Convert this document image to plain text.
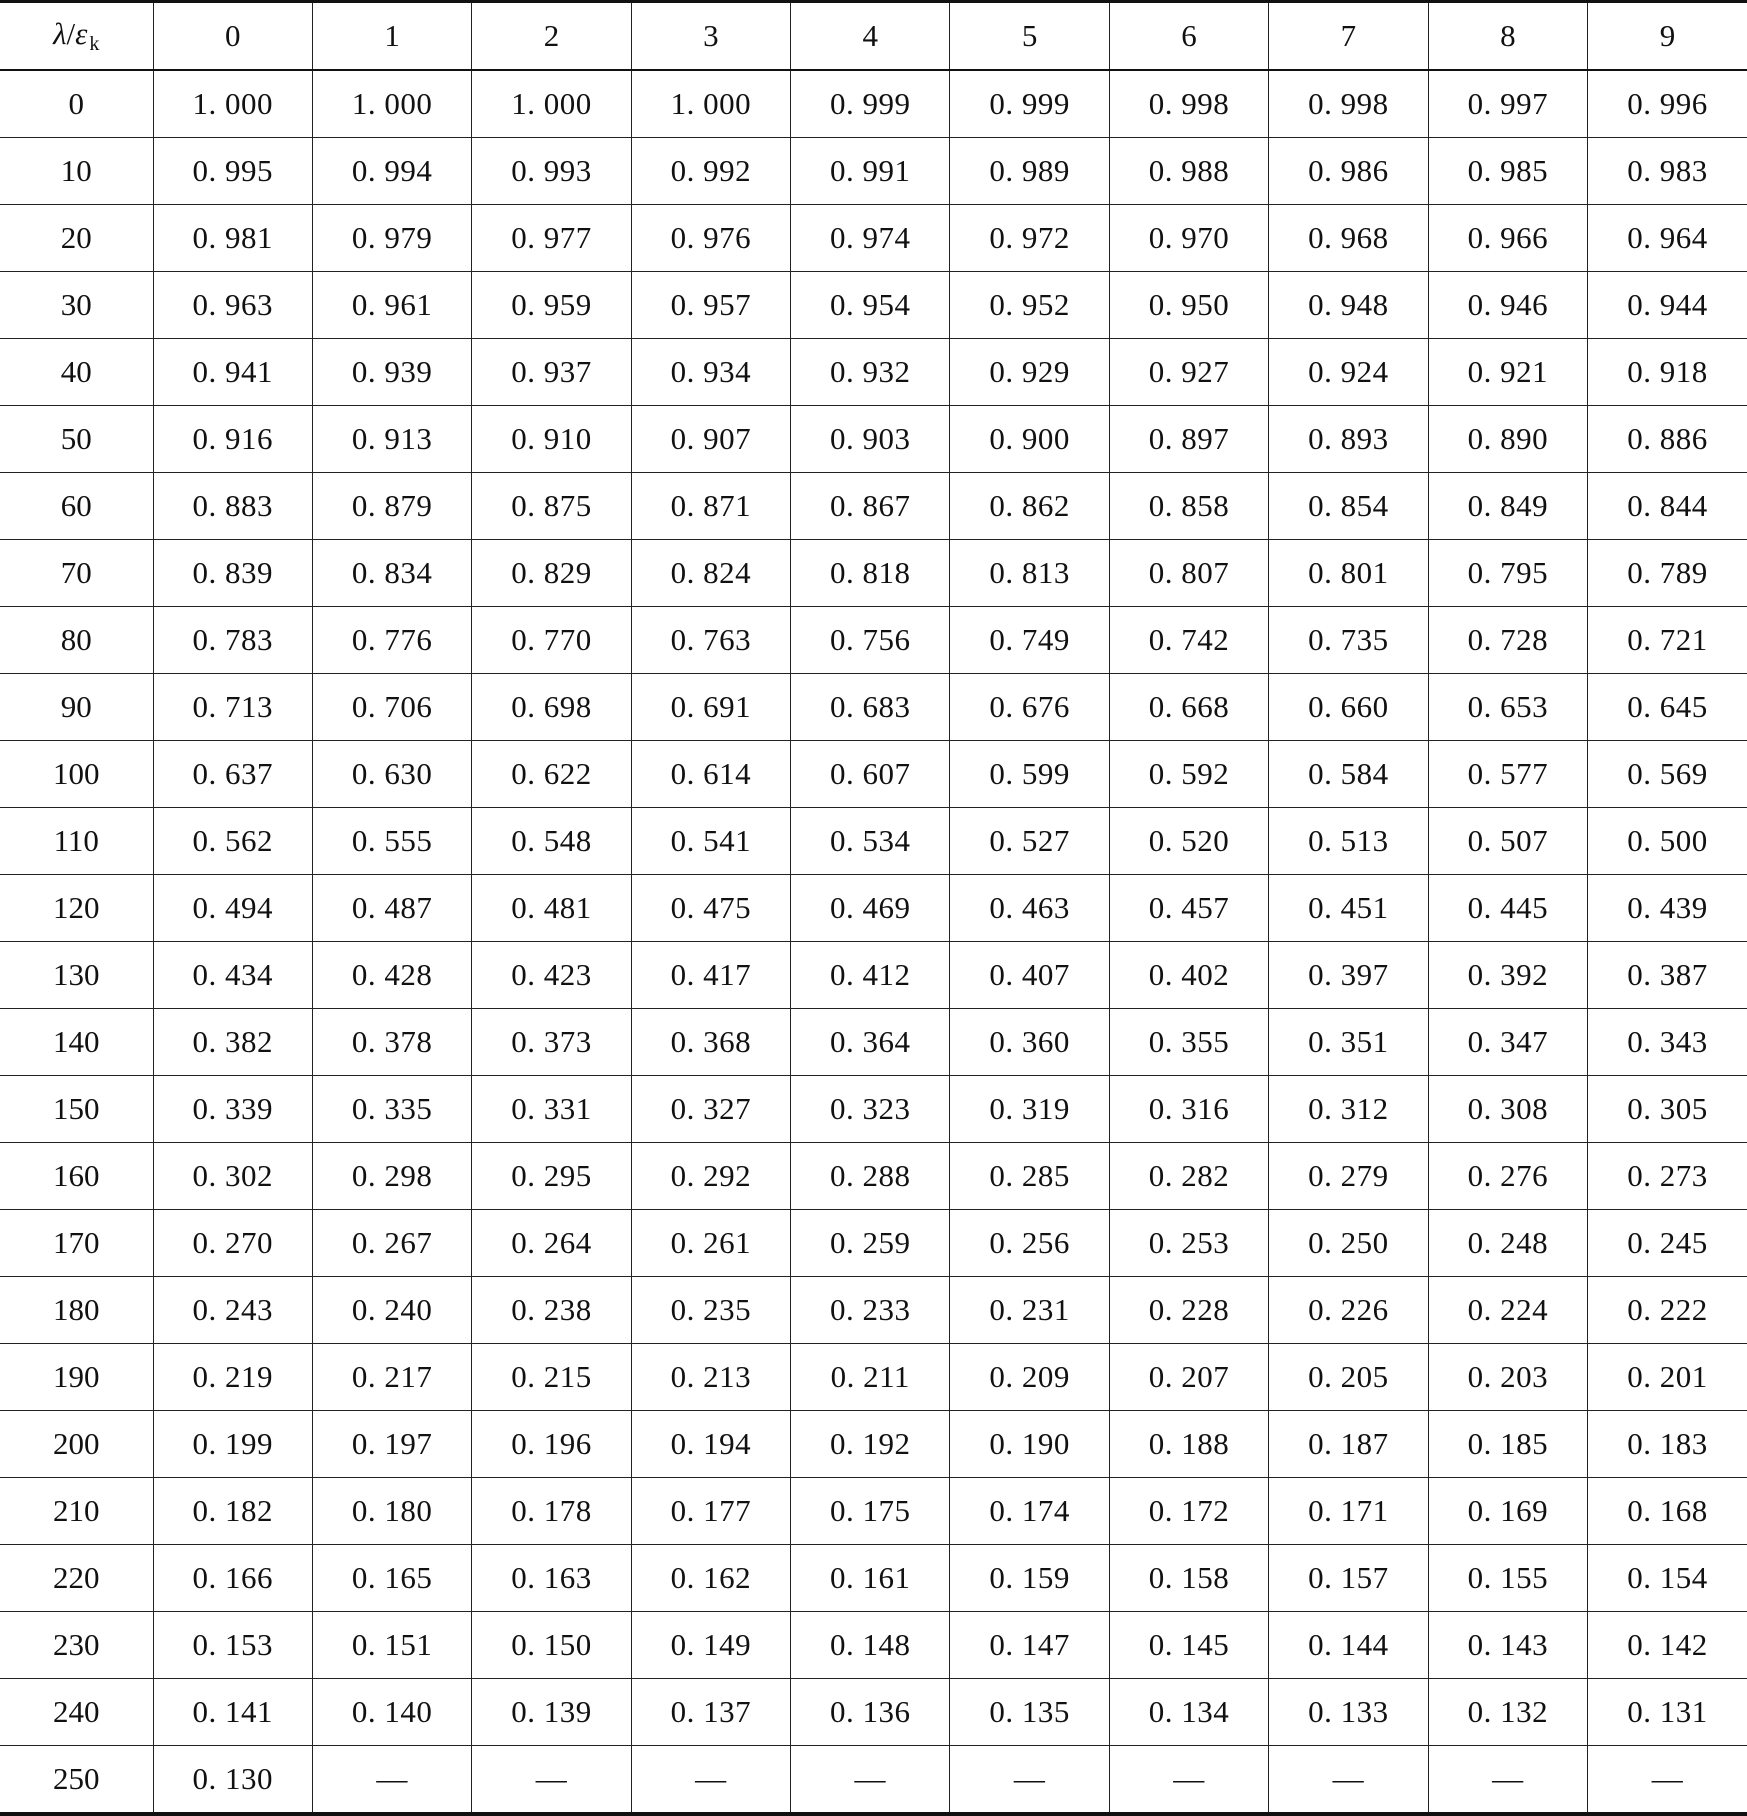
λ/ε $_k$	0	1	2	3	4	5	6	7	8	9
0	1. 000	1. 000	1. 000	1. 000	0. 999	0. 999	0. 998	0. 998	0. 997	0. 996
10	0. 995	0. 994	0. 993	0. 992	0. 991	0. 989	0. 988	0. 986	0. 985	0. 983
20	0. 981	0. 979	0. 977	0. 976	0. 974	0. 972	0. 970	0. 968	0. 966	0. 964
30	0. 963	0. 961	0. 959	0. 957	0. 954	0. 952	0. 950	0. 948	0. 946	0. 944
40	0. 941	0. 939	0. 937	0. 934	0. 932	0. 929	0. 927	0. 924	0. 921	0. 918
50	0. 916	0. 913	0. 910	0. 907	0. 903	0. 900	0. 897	0. 893	0. 890	0. 886
60	0. 883	0. 879	0. 875	0. 871	0. 867	0. 862	0. 858	0. 854	0. 849	0. 844
70	0. 839	0. 834	0. 829	0. 824	0. 818	0. 813	0. 807	0. 801	0. 795	0. 789
80	0. 783	0. 776	0. 770	0. 763	0. 756	0. 749	0. 742	0. 735	0. 728	0. 721
90	0. 713	0. 706	0. 698	0. 691	0. 683	0. 676	0. 668	0. 660	0. 653	0. 645
100	0. 637	0. 630	0. 622	0. 614	0. 607	0. 599	0. 592	0. 584	0. 577	0. 569
110	0. 562	0. 555	0. 548	0. 541	0. 534	0. 527	0. 520	0. 513	0. 507	0. 500
120	0. 494	0. 487	0. 481	0. 475	0. 469	0. 463	0. 457	0. 451	0. 445	0. 439
130	0. 434	0. 428	0. 423	0. 417	0. 412	0. 407	0. 402	0. 397	0. 392	0. 387
140	0. 382	0. 378	0. 373	0. 368	0. 364	0. 360	0. 355	0. 351	0. 347	0. 343
150	0. 339	0. 335	0. 331	0. 327	0. 323	0. 319	0. 316	0. 312	0. 308	0. 305
160	0. 302	0. 298	0. 295	0. 292	0. 288	0. 285	0. 282	0. 279	0. 276	0. 273
170	0. 270	0. 267	0. 264	0. 261	0. 259	0. 256	0. 253	0. 250	0. 248	0. 245
180	0. 243	0. 240	0. 238	0. 235	0. 233	0. 231	0. 228	0. 226	0. 224	0. 222
190	0. 219	0. 217	0. 215	0. 213	0. 211	0. 209	0. 207	0. 205	0. 203	0. 201
200	0. 199	0. 197	0. 196	0. 194	0. 192	0. 190	0. 188	0. 187	0. 185	0. 183
210	0. 182	0. 180	0. 178	0. 177	0. 175	0. 174	0. 172	0. 171	0. 169	0. 168
220	0. 166	0. 165	0. 163	0. 162	0. 161	0. 159	0. 158	0. 157	0. 155	0. 154
230	0. 153	0. 151	0. 150	0. 149	0. 148	0. 147	0. 145	0. 144	0. 143	0. 142
240	0. 141	0. 140	0. 139	0. 137	0. 136	0. 135	0. 134	0. 133	0. 132	0. 131
250	0. 130	—	—	—	—	—	—	—	—	—
